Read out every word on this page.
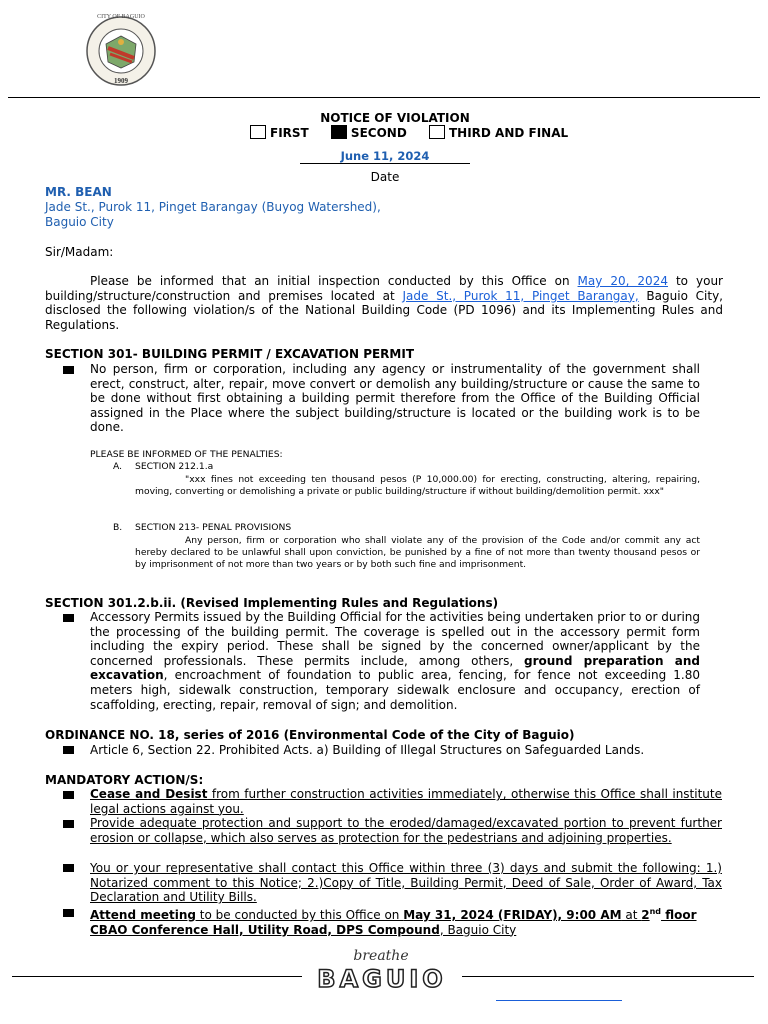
CITY OF BAGUIO
1909
NOTICE OF VIOLATION
FIRST	SECOND	THIRD AND FINAL
June 11, 2024
Date
MR. BEAN
Jade St., Purok 11, Pinget Barangay (Buyog Watershed),
Baguio City
Sir/Madam:
Please be informed that an initial inspection conducted by this Office on May 20, 2024 to your building/structure/construction and premises located at Jade St., Purok 11, Pinget Barangay, Baguio City, disclosed the following violation/s of the National Building Code (PD 1096) and its Implementing Rules and Regulations.
SECTION 301- BUILDING PERMIT / EXCAVATION PERMIT
No person, firm or corporation, including any agency or instrumentality of the government shall erect, construct, alter, repair, move convert or demolish any building/structure or cause the same to be done without first obtaining a building permit therefore from the Office of the Building Official assigned in the Place where the subject building/structure is located or the building work is to be done.
PLEASE BE INFORMED OF THE PENALTIES:
A. SECTION 212.1.a
"xxx fines not exceeding ten thousand pesos (P 10,000.00) for erecting, constructing, altering, repairing, moving, converting or demolishing a private or public building/structure if without building/demolition permit. xxx"
B. SECTION 213- PENAL PROVISIONS
Any person, firm or corporation who shall violate any of the provision of the Code and/or commit any act hereby declared to be unlawful shall upon conviction, be punished by a fine of not more than twenty thousand pesos or by imprisonment of not more than two years or by both such fine and imprisonment.
SECTION 301.2.b.ii. (Revised Implementing Rules and Regulations)
Accessory Permits issued by the Building Official for the activities being undertaken prior to or during the processing of the building permit. The coverage is spelled out in the accessory permit form including the expiry period. These shall be signed by the concerned owner/applicant by the concerned professionals. These permits include, among others, ground preparation and excavation, encroachment of foundation to public area, fencing, for fence not exceeding 1.80 meters high, sidewalk construction, temporary sidewalk enclosure and occupancy, erection of scaffolding, erecting, repair, removal of sign; and demolition.
ORDINANCE NO. 18, series of 2016 (Environmental Code of the City of Baguio)
Article 6, Section 22. Prohibited Acts. a) Building of Illegal Structures on Safeguarded Lands.
MANDATORY ACTION/S:
Cease and Desist from further construction activities immediately, otherwise this Office shall institute legal actions against you.
Provide adequate protection and support to the eroded/damaged/excavated portion to prevent further erosion or collapse, which also serves as protection for the pedestrians and adjoining properties.
You or your representative shall contact this Office within three (3) days and submit the following: 1.) Notarized comment to this Notice; 2.)Copy of Title, Building Permit, Deed of Sale, Order of Award, Tax Declaration and Utility Bills.
Attend meeting to be conducted by this Office on May 31, 2024 (FRIDAY), 9:00 AM at 2nd floor CBAO Conference Hall, Utility Road, DPS Compound, Baguio City
breathe
BAGUIO
